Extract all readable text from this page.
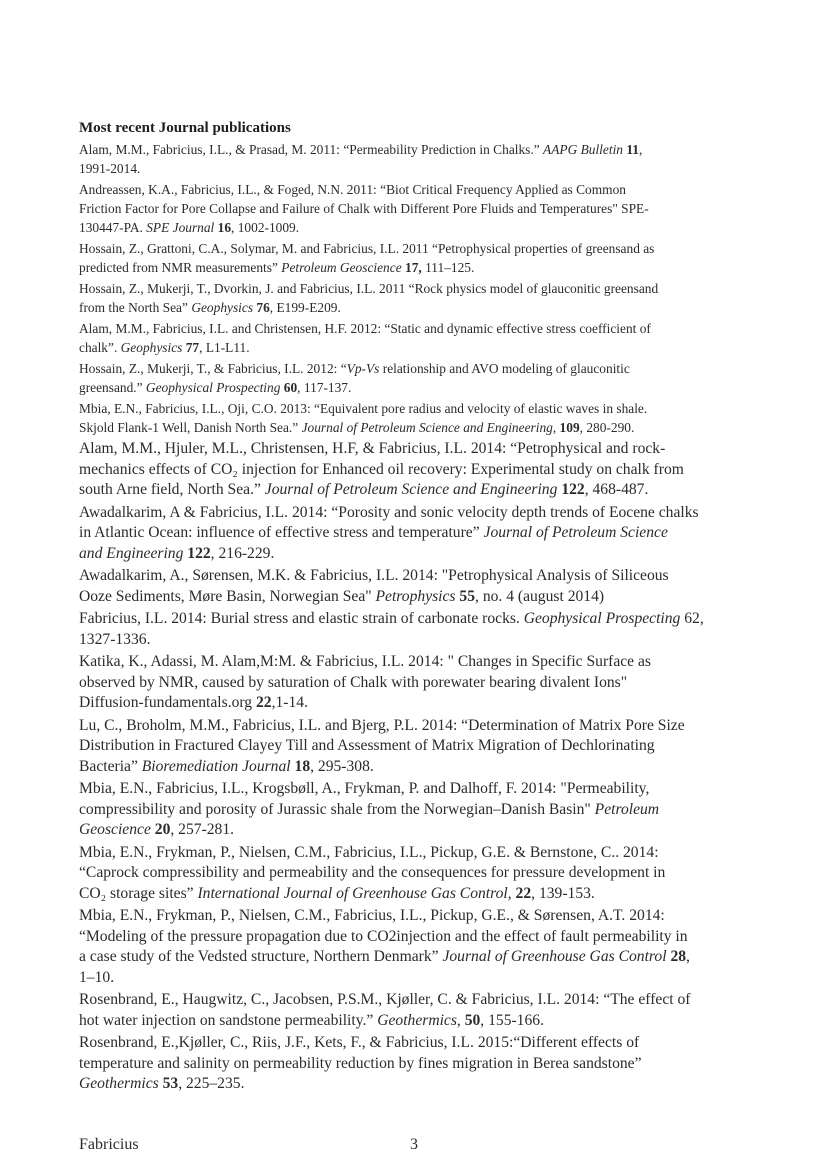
Most recent Journal publications
Alam, M.M., Fabricius, I.L., & Prasad, M. 2011: “Permeability Prediction in Chalks.” AAPG Bulletin 11,
1991-2014.
Andreassen, K.A., Fabricius, I.L., & Foged, N.N. 2011: “Biot Critical Frequency Applied as Common
Friction Factor for Pore Collapse and Failure of Chalk with Different Pore Fluids and Temperatures" SPE-
130447-PA. SPE Journal 16, 1002-1009.
Hossain, Z., Grattoni, C.A., Solymar, M. and Fabricius, I.L. 2011 “Petrophysical properties of greensand as
predicted from NMR measurements” Petroleum Geoscience 17, 111–125.
Hossain, Z., Mukerji, T., Dvorkin, J. and Fabricius, I.L. 2011 “Rock physics model of glauconitic greensand
from the North Sea” Geophysics 76, E199-E209.
Alam, M.M., Fabricius, I.L. and Christensen, H.F. 2012: “Static and dynamic effective stress coefficient of
chalk”. Geophysics 77, L1-L11.
Hossain, Z., Mukerji, T., & Fabricius, I.L. 2012: “Vp-Vs relationship and AVO modeling of glauconitic
greensand.” Geophysical Prospecting 60, 117-137.
Mbia, E.N., Fabricius, I.L., Oji, C.O. 2013: “Equivalent pore radius and velocity of elastic waves in shale.
Skjold Flank-1 Well, Danish North Sea.” Journal of Petroleum Science and Engineering, 109, 280-290.
Alam, M.M., Hjuler, M.L., Christensen, H.F, & Fabricius, I.L. 2014: “Petrophysical and rock-
mechanics effects of CO₂ injection for Enhanced oil recovery: Experimental study on chalk from
south Arne field, North Sea.” Journal of Petroleum Science and Engineering 122, 468-487.
Awadalkarim, A & Fabricius, I.L. 2014: “Porosity and sonic velocity depth trends of Eocene chalks
in Atlantic Ocean: influence of effective stress and temperature” Journal of Petroleum Science
and Engineering 122, 216-229.
Awadalkarim, A., Sørensen, M.K. & Fabricius, I.L. 2014: "Petrophysical Analysis of Siliceous
Ooze Sediments, Møre Basin, Norwegian Sea" Petrophysics 55, no. 4 (august 2014)
Fabricius, I.L. 2014: Burial stress and elastic strain of carbonate rocks. Geophysical Prospecting 62,
1327-1336.
Katika, K., Adassi, M. Alam,M:M. & Fabricius, I.L. 2014: " Changes in Specific Surface as
observed by NMR, caused by saturation of Chalk with porewater bearing divalent Ions"
Diffusion-fundamentals.org 22,1-14.
Lu, C., Broholm, M.M., Fabricius, I.L. and Bjerg, P.L. 2014: “Determination of Matrix Pore Size
Distribution in Fractured Clayey Till and Assessment of Matrix Migration of Dechlorinating
Bacteria” Bioremediation Journal 18, 295-308.
Mbia, E.N., Fabricius, I.L., Krogsbøll, A., Frykman, P. and Dalhoff, F. 2014: "Permeability,
compressibility and porosity of Jurassic shale from the Norwegian–Danish Basin" Petroleum
Geoscience 20, 257-281.
Mbia, E.N., Frykman, P., Nielsen, C.M., Fabricius, I.L., Pickup, G.E. & Bernstone, C.. 2014:
“Caprock compressibility and permeability and the consequences for pressure development in
CO₂ storage sites” International Journal of Greenhouse Gas Control, 22, 139-153.
Mbia, E.N., Frykman, P., Nielsen, C.M., Fabricius, I.L., Pickup, G.E., & Sørensen, A.T. 2014:
“Modeling of the pressure propagation due to CO2injection and the effect of fault permeability in
a case study of the Vedsted structure, Northern Denmark” Journal of Greenhouse Gas Control 28,
1–10.
Rosenbrand, E., Haugwitz, C., Jacobsen, P.S.M., Kjøller, C. & Fabricius, I.L. 2014: “The effect of
hot water injection on sandstone permeability.” Geothermics, 50, 155-166.
Rosenbrand, E.,Kjøller, C., Riis, J.F., Kets, F., & Fabricius, I.L. 2015:“Different effects of
temperature and salinity on permeability reduction by fines migration in Berea sandstone”
Geothermics 53, 225–235.
Fabricius	3
